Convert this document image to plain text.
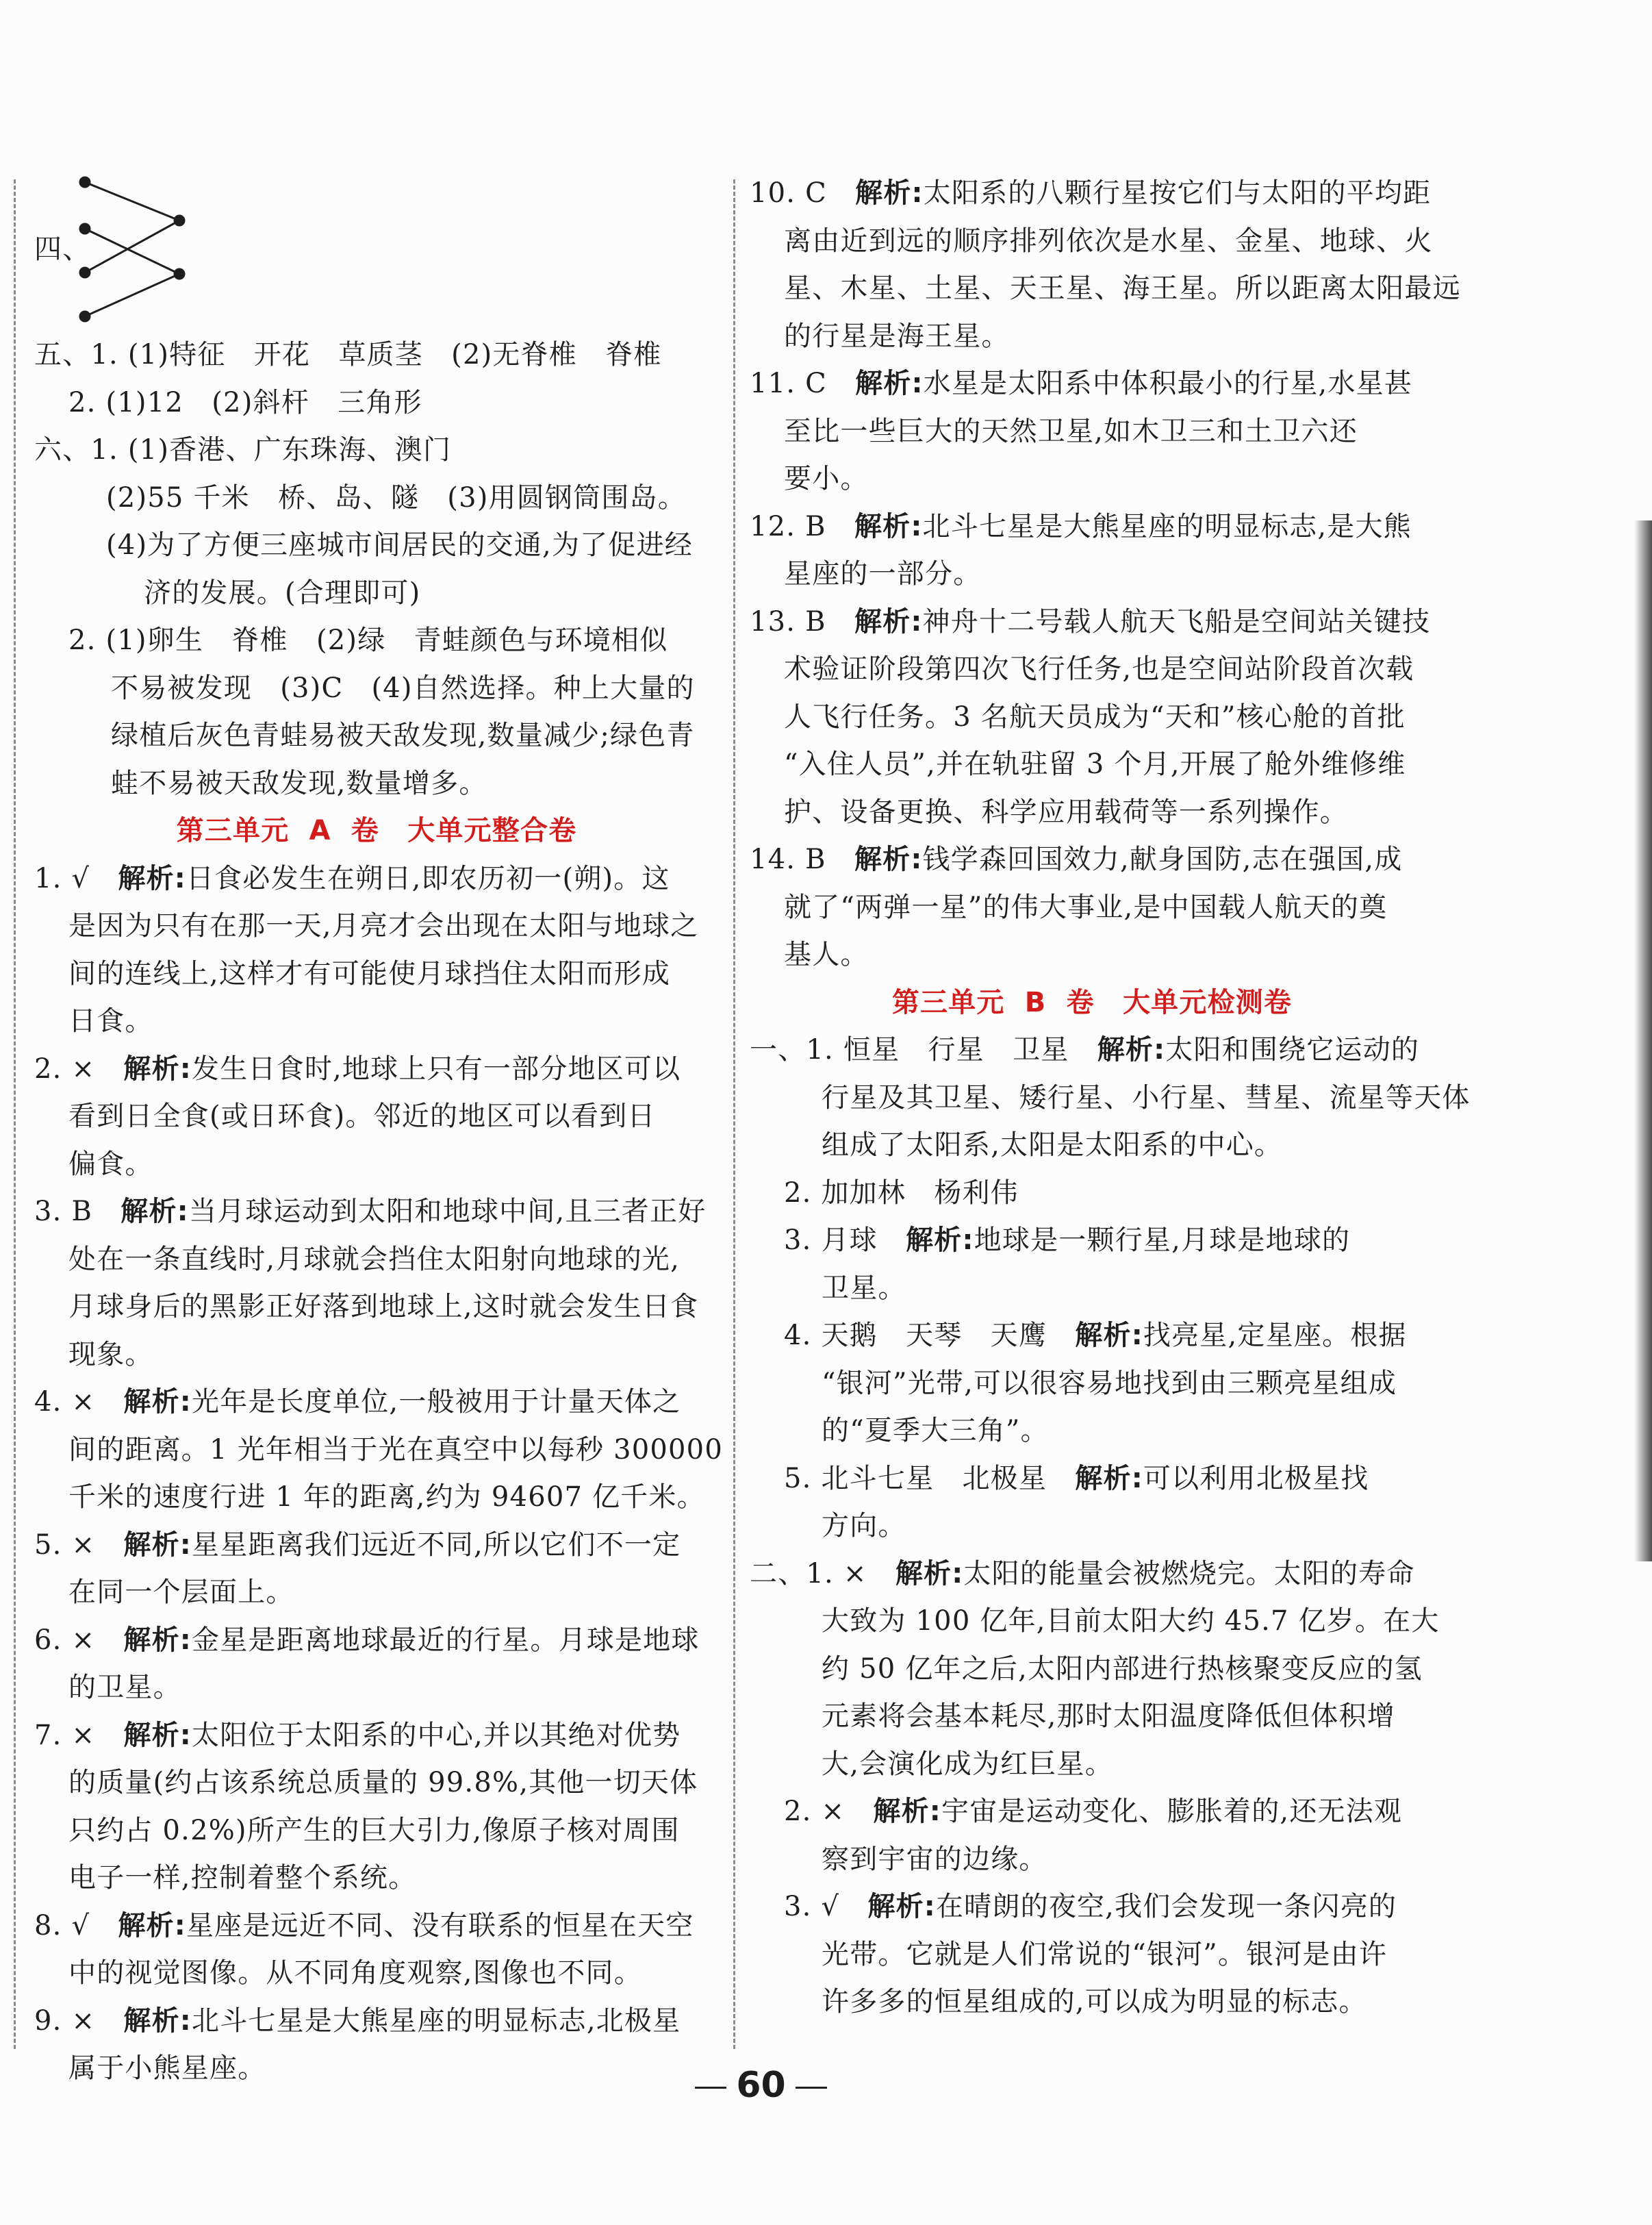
四、
五、1. (1)特征　开花　草质茎　(2)无脊椎　脊椎
2. (1)12　(2)斜杆　三角形
六、1. (1)香港、广东珠海、澳门
(2)55 千米　桥、岛、隧　(3)用圆钢筒围岛。
(4)为了方便三座城市间居民的交通,为了促进经
济的发展。(合理即可)
2. (1)卵生　脊椎　(2)绿　青蛙颜色与环境相似
不易被发现　(3)C　(4)自然选择。种上大量的
绿植后灰色青蛙易被天敌发现,数量减少;绿色青
蛙不易被天敌发现,数量增多。
第三单元 A 卷　大单元整合卷
1. √　 解析:日食必发生在朔日,即农历初一(朔)。这
是因为只有在那一天,月亮才会出现在太阳与地球之
间的连线上,这样才有可能使月球挡住太阳而形成
日食。
2. ×　 解析:发生日食时,地球上只有一部分地区可以
看到日全食(或日环食)。邻近的地区可以看到日
偏食。
3. B　 解析:当月球运动到太阳和地球中间,且三者正好
处在一条直线时,月球就会挡住太阳射向地球的光,
月球身后的黑影正好落到地球上,这时就会发生日食
现象。
4. ×　 解析:光年是长度单位,一般被用于计量天体之
间的距离。1 光年相当于光在真空中以每秒 300000
千米的速度行进 1 年的距离,约为 94607 亿千米。
5. ×　 解析:星星距离我们远近不同,所以它们不一定
在同一个层面上。
6. ×　 解析:金星是距离地球最近的行星。月球是地球
的卫星。
7. ×　 解析:太阳位于太阳系的中心,并以其绝对优势
的质量(约占该系统总质量的 99.8%,其他一切天体
只约占 0.2%)所产生的巨大引力,像原子核对周围
电子一样,控制着整个系统。
8. √　 解析:星座是远近不同、没有联系的恒星在天空
中的视觉图像。从不同角度观察,图像也不同。
9. ×　 解析:北斗七星是大熊星座的明显标志,北极星
属于小熊星座。
10. C　 解析:太阳系的八颗行星按它们与太阳的平均距
离由近到远的顺序排列依次是水星、金星、地球、火
星、木星、土星、天王星、海王星。所以距离太阳最远
的行星是海王星。
11. C　 解析:水星是太阳系中体积最小的行星,水星甚
至比一些巨大的天然卫星,如木卫三和土卫六还
要小。
12. B　 解析:北斗七星是大熊星座的明显标志,是大熊
星座的一部分。
13. B　 解析:神舟十二号载人航天飞船是空间站关键技
术验证阶段第四次飞行任务,也是空间站阶段首次载
人飞行任务。3 名航天员成为“天和”核心舱的首批
“入住人员”,并在轨驻留 3 个月,开展了舱外维修维
护、设备更换、科学应用载荷等一系列操作。
14. B　 解析:钱学森回国效力,献身国防,志在强国,成
就了“两弹一星”的伟大事业,是中国载人航天的奠
基人。
第三单元 B 卷　大单元检测卷
一、1. 恒星　行星　卫星　 解析:太阳和围绕它运动的
行星及其卫星、矮行星、小行星、彗星、流星等天体
组成了太阳系,太阳是太阳系的中心。
2. 加加林　杨利伟
3. 月球　 解析:地球是一颗行星,月球是地球的
卫星。
4. 天鹅　天琴　天鹰　 解析:找亮星,定星座。根据
“银河”光带,可以很容易地找到由三颗亮星组成
的“夏季大三角”。
5. 北斗七星　北极星　 解析:可以利用北极星找
方向。
二、1. ×　 解析:太阳的能量会被燃烧完。太阳的寿命
大致为 100 亿年,目前太阳大约 45.7 亿岁。在大
约 50 亿年之后,太阳内部进行热核聚变反应的氢
元素将会基本耗尽,那时太阳温度降低但体积增
大,会演化成为红巨星。
2. ×　 解析:宇宙是运动变化、膨胀着的,还无法观
察到宇宙的边缘。
3. √　 解析:在晴朗的夜空,我们会发现一条闪亮的
光带。它就是人们常说的“银河”。银河是由许
许多多的恒星组成的,可以成为明显的标志。
60
